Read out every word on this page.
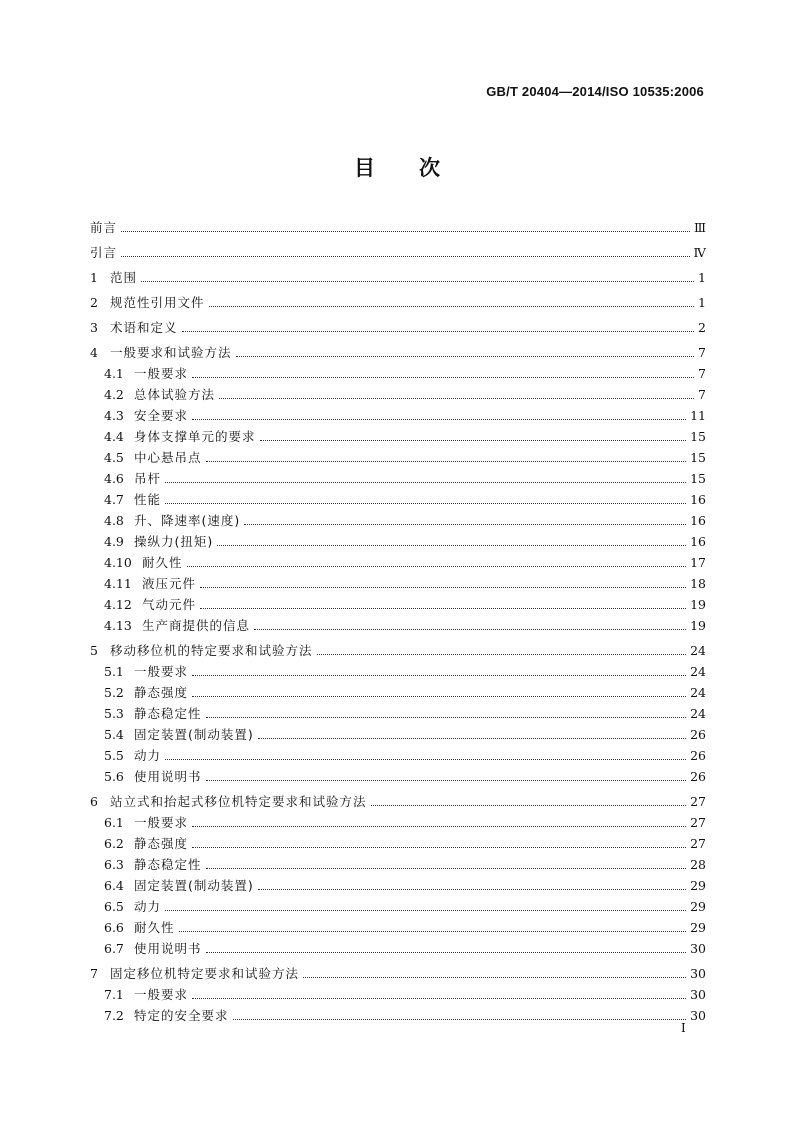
GB/T 20404—2014/ISO 10535:2006
目 次
前言	Ⅲ
引言	Ⅳ
1 范围	1
2 规范性引用文件	1
3 术语和定义	2
4 一般要求和试验方法	7
4.1 一般要求	7
4.2 总体试验方法	7
4.3 安全要求	11
4.4 身体支撑单元的要求	15
4.5 中心悬吊点	15
4.6 吊杆	15
4.7 性能	16
4.8 升、降速率(速度)	16
4.9 操纵力(扭矩)	16
4.10 耐久性	17
4.11 液压元件	18
4.12 气动元件	19
4.13 生产商提供的信息	19
5 移动移位机的特定要求和试验方法	24
5.1 一般要求	24
5.2 静态强度	24
5.3 静态稳定性	24
5.4 固定装置(制动装置)	26
5.5 动力	26
5.6 使用说明书	26
6 站立式和抬起式移位机特定要求和试验方法	27
6.1 一般要求	27
6.2 静态强度	27
6.3 静态稳定性	28
6.4 固定装置(制动装置)	29
6.5 动力	29
6.6 耐久性	29
6.7 使用说明书	30
7 固定移位机特定要求和试验方法	30
7.1 一般要求	30
7.2 特定的安全要求	30
I
